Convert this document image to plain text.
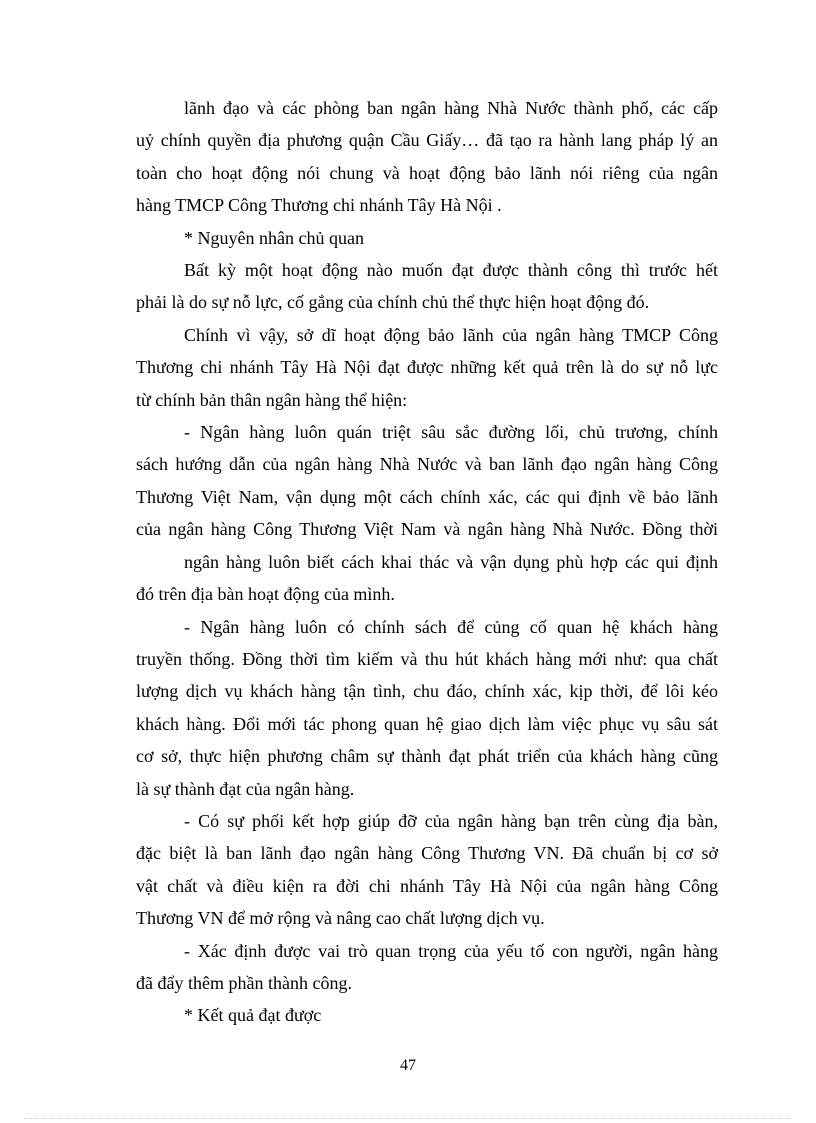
lãnh đạo và các phòng ban ngân hàng Nhà Nước thành phố, các cấp
uỷ chính quyền địa phương quận Cầu Giấy… đã tạo ra hành lang pháp lý an
toàn cho hoạt động nói chung và hoạt động bảo lãnh nói riêng của ngân
hàng TMCP Công Thương chi nhánh Tây Hà Nội .

* Nguyên nhân chủ quan

Bất kỳ một hoạt động nào muốn đạt được thành công thì trước hết
phải là do sự nỗ lực, cố gắng của chính chủ thể thực hiện hoạt động đó.

Chính vì vậy, sở dĩ hoạt động bảo lãnh của ngân hàng TMCP Công
Thương chi nhánh Tây Hà Nội đạt được những kết quả trên là do sự nỗ lực
từ chính bản thân ngân hàng thể hiện:

- Ngân hàng luôn quán triệt sâu sắc đường lối, chủ trương, chính
sách hướng dẫn của ngân hàng Nhà Nước và ban lãnh đạo ngân hàng Công
Thương Việt Nam, vận dụng một cách chính xác, các qui định về bảo lãnh
của ngân hàng Công Thương Việt Nam và ngân hàng Nhà Nước. Đồng thời

ngân hàng luôn biết cách khai thác và vận dụng phù hợp các qui định
đó trên địa bàn hoạt động của mình.

- Ngân hàng luôn có chính sách để củng cố quan hệ khách hàng
truyền thống. Đồng thời tìm kiếm và thu hút khách hàng mới như: qua chất
lượng dịch vụ khách hàng tận tình, chu đáo, chính xác, kịp thời, để lôi kéo
khách hàng. Đổi mới tác phong quan hệ giao dịch làm việc phục vụ sâu sát
cơ sở, thực hiện phương châm sự thành đạt phát triển của khách hàng cũng
là sự thành đạt của ngân hàng.

- Có sự phối kết hợp giúp đỡ của ngân hàng bạn trên cùng địa bàn,
đặc biệt là ban lãnh đạo ngân hàng Công Thương VN. Đã chuẩn bị cơ sở
vật chất và điều kiện ra đời chi nhánh Tây Hà Nội của ngân hàng Công
Thương VN để mở rộng và nâng cao chất lượng dịch vụ.

- Xác định được vai trò quan trọng của yếu tố con người, ngân hàng
đã đẩy thêm phần thành công.

* Kết quả đạt được

47
